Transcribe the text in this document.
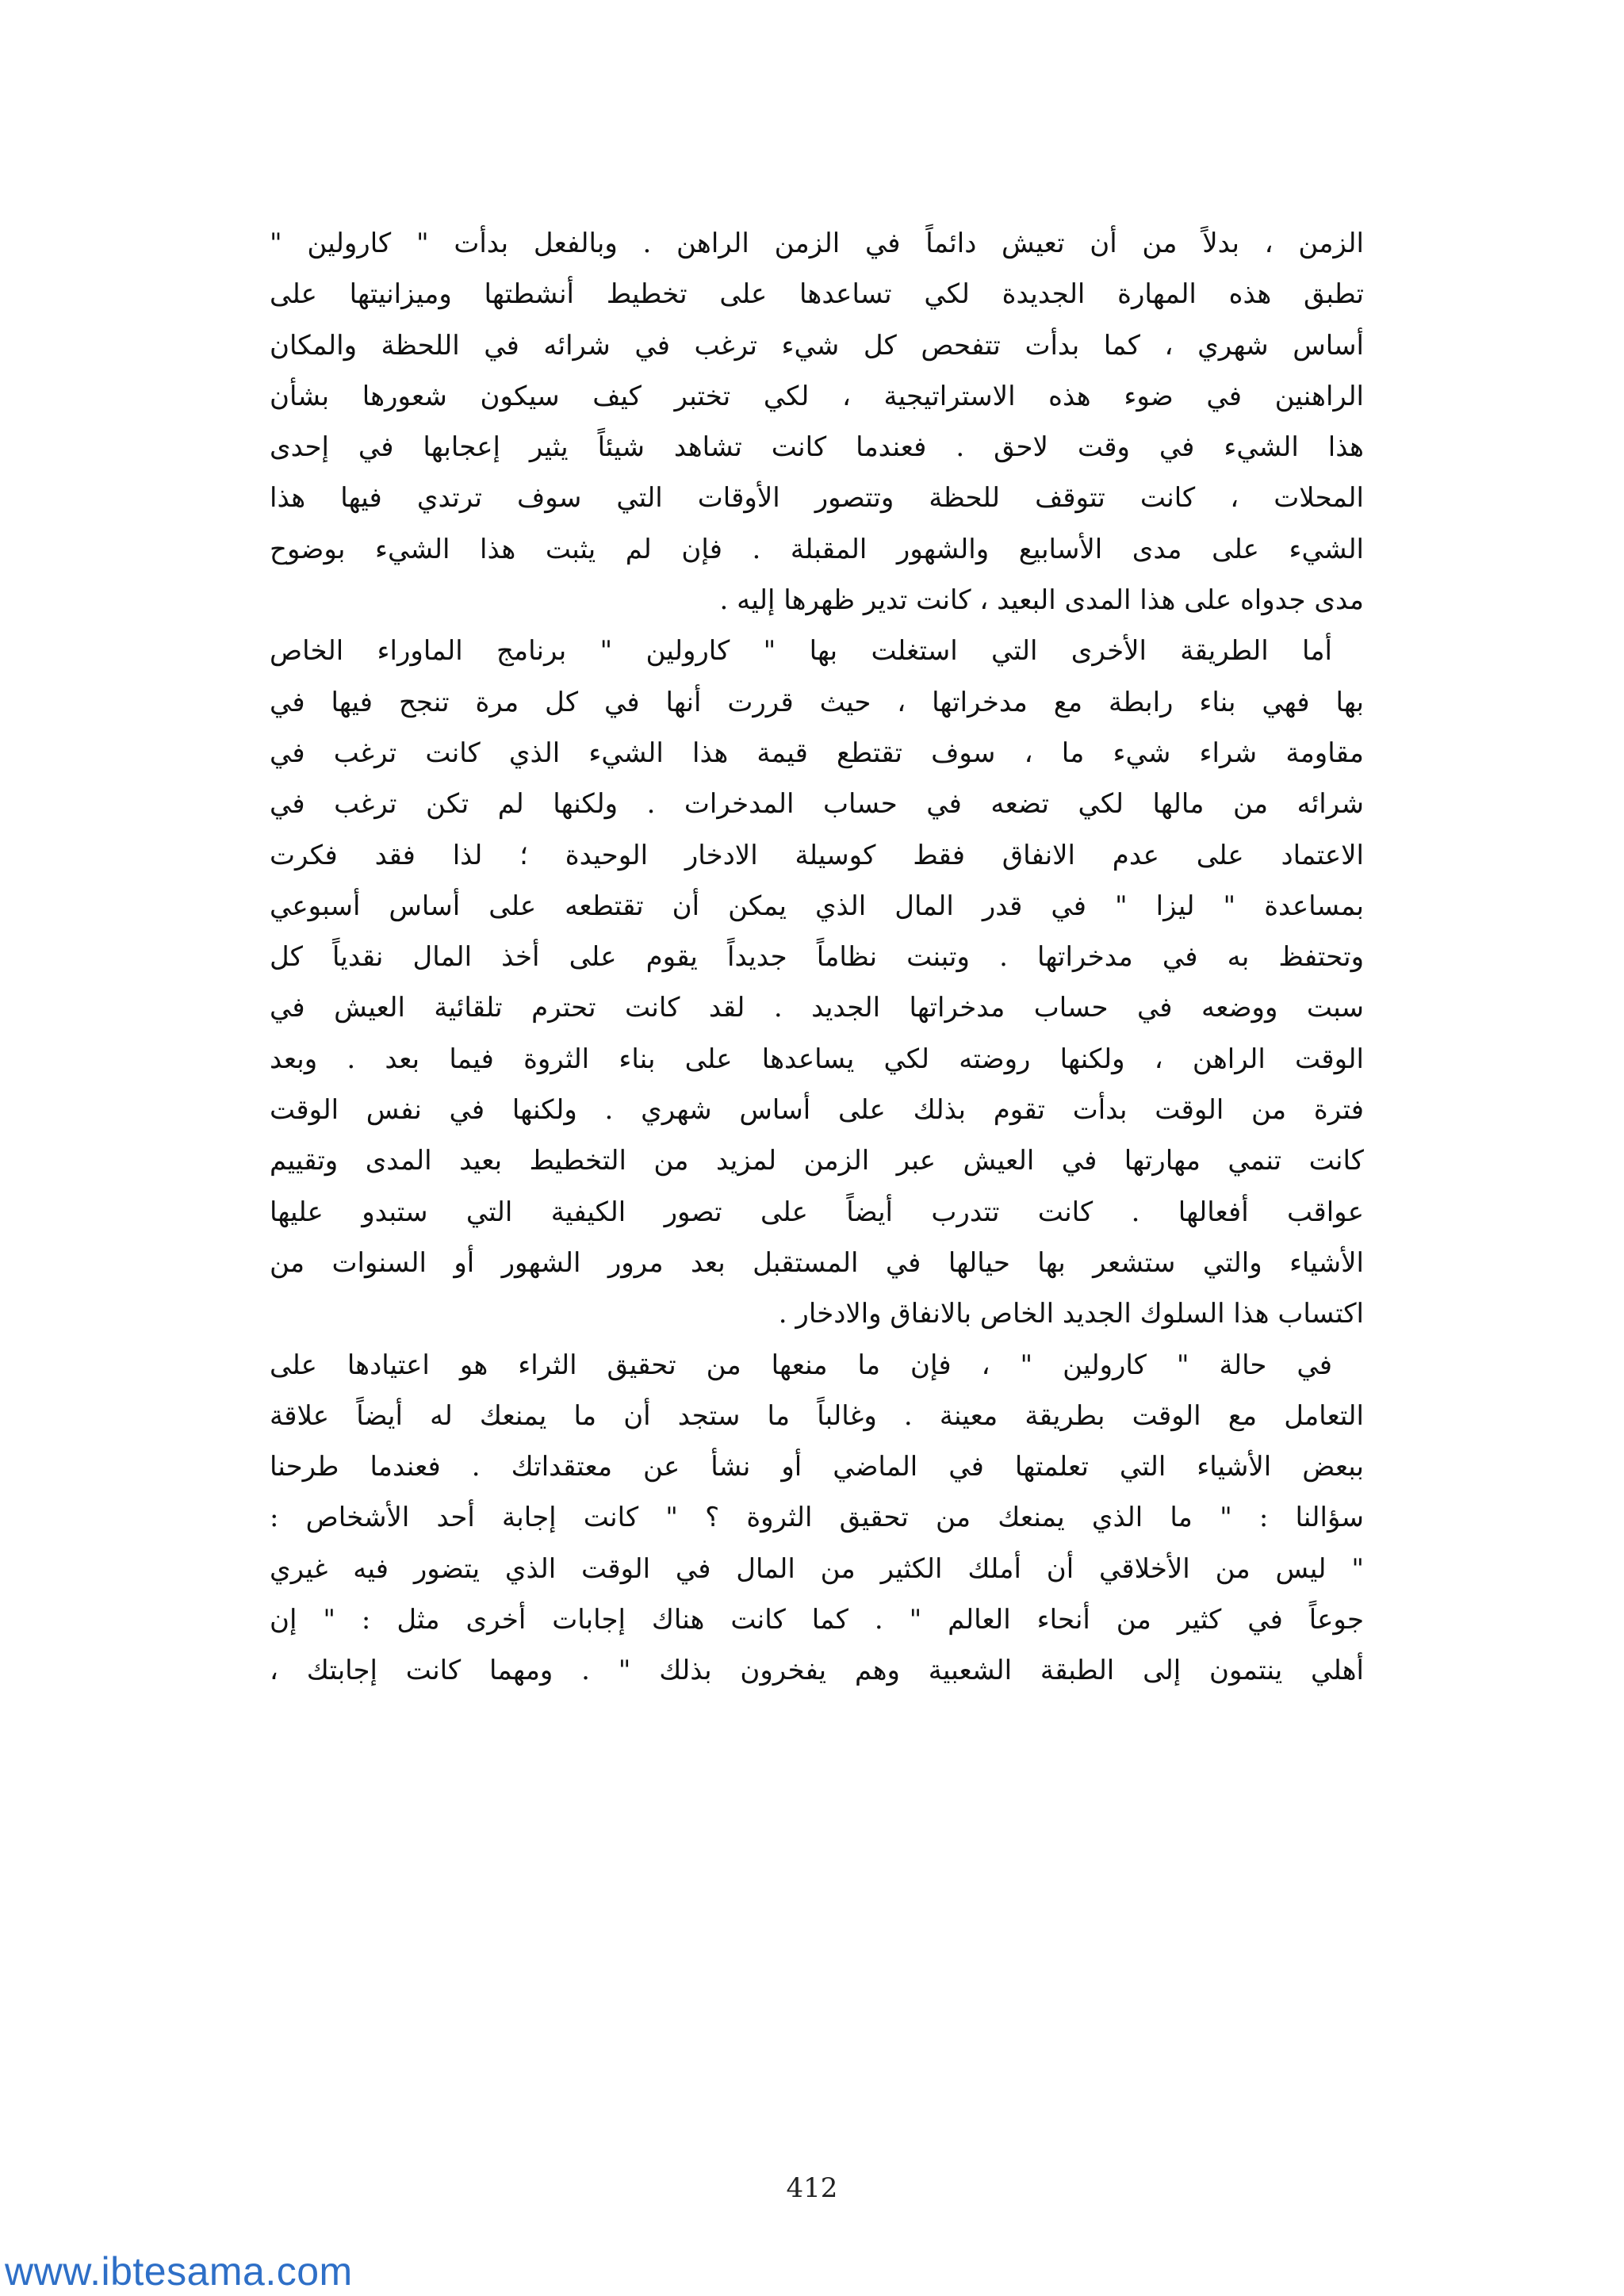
الزمن ، بدلاً من أن تعيش دائماً في الزمن الراهن . وبالفعل بدأت " كارولين "
تطبق هذه المهارة الجديدة لكي تساعدها على تخطيط أنشطتها وميزانيتها على
أساس شهري ، كما بدأت تتفحص كل شيء ترغب في شرائه في اللحظة والمكان
الراهنين في ضوء هذه الاستراتيجية ، لكي تختبر كيف سيكون شعورها بشأن
هذا الشيء في وقت لاحق . فعندما كانت تشاهد شيئاً يثير إعجابها في إحدى
المحلات ، كانت تتوقف للحظة وتتصور الأوقات التي سوف ترتدي فيها هذا
الشيء على مدى الأسابيع والشهور المقبلة . فإن لم يثبت هذا الشيء بوضوح
مدى جدواه على هذا المدى البعيد ، كانت تدير ظهرها إليه .
أما الطريقة الأخرى التي استغلت بها " كارولين " برنامج الماوراء الخاص
بها فهي بناء رابطة مع مدخراتها ، حيث قررت أنها في كل مرة تنجح فيها في
مقاومة شراء شيء ما ، سوف تقتطع قيمة هذا الشيء الذي كانت ترغب في
شرائه من مالها لكي تضعه في حساب المدخرات . ولكنها لم تكن ترغب في
الاعتماد على عدم الانفاق فقط كوسيلة الادخار الوحيدة ؛ لذا فقد فكرت
بمساعدة " ليزا " في قدر المال الذي يمكن أن تقتطعه على أساس أسبوعي
وتحتفظ به في مدخراتها . وتبنت نظاماً جديداً يقوم على أخذ المال نقدياً كل
سبت ووضعه في حساب مدخراتها الجديد . لقد كانت تحترم تلقائية العيش في
الوقت الراهن ، ولكنها روضته لكي يساعدها على بناء الثروة فيما بعد . وبعد
فترة من الوقت بدأت تقوم بذلك على أساس شهري . ولكنها في نفس الوقت
كانت تنمي مهارتها في العيش عبر الزمن لمزيد من التخطيط بعيد المدى وتقييم
عواقب أفعالها . كانت تتدرب أيضاً على تصور الكيفية التي ستبدو عليها
الأشياء والتي ستشعر بها حيالها في المستقبل بعد مرور الشهور أو السنوات من
اكتساب هذا السلوك الجديد الخاص بالانفاق والادخار .
في حالة " كارولين " ، فإن ما منعها من تحقيق الثراء هو اعتيادها على
التعامل مع الوقت بطريقة معينة . وغالباً ما ستجد أن ما يمنعك له أيضاً علاقة
ببعض الأشياء التي تعلمتها في الماضي أو نشأ عن معتقداتك . فعندما طرحنا
سؤالنا : " ما الذي يمنعك من تحقيق الثروة ؟ " كانت إجابة أحد الأشخاص :
" ليس من الأخلاقي أن أملك الكثير من المال في الوقت الذي يتضور فيه غيري
جوعاً في كثير من أنحاء العالم " . كما كانت هناك إجابات أخرى مثل : " إن
أهلي ينتمون إلى الطبقة الشعبية وهم يفخرون بذلك " . ومهما كانت إجابتك ،
412
www.ibtesama.com
